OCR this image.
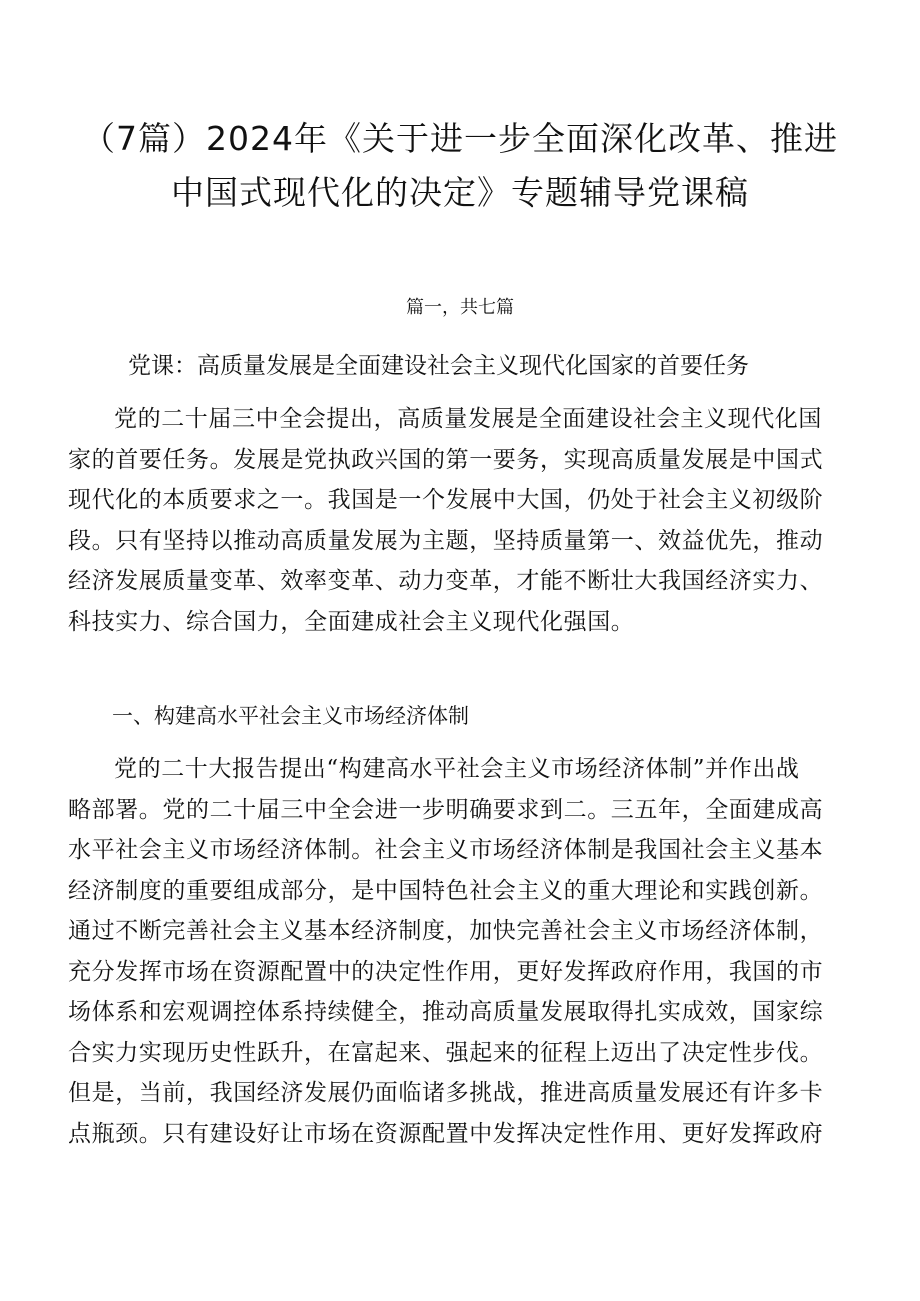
（7篇）2024年《关于进一步全面深化改革、推进
中国式现代化的决定》专题辅导党课稿
篇一，共七篇
党课：高质量发展是全面建设社会主义现代化国家的首要任务
党的二十届三中全会提出，高质量发展是全面建设社会主义现代化国
家的首要任务。发展是党执政兴国的第一要务，实现高质量发展是中国式
现代化的本质要求之一。我国是一个发展中大国，仍处于社会主义初级阶
段。只有坚持以推动高质量发展为主题，坚持质量第一、效益优先，推动
经济发展质量变革、效率变革、动力变革，才能不断壮大我国经济实力、
科技实力、综合国力，全面建成社会主义现代化强国。
一、构建高水平社会主义市场经济体制
党的二十大报告提出“构建高水平社会主义市场经济体制”并作出战
略部署。党的二十届三中全会进一步明确要求到二。三五年，全面建成高
水平社会主义市场经济体制。社会主义市场经济体制是我国社会主义基本
经济制度的重要组成部分，是中国特色社会主义的重大理论和实践创新。
通过不断完善社会主义基本经济制度，加快完善社会主义市场经济体制，
充分发挥市场在资源配置中的决定性作用，更好发挥政府作用，我国的市
场体系和宏观调控体系持续健全，推动高质量发展取得扎实成效，国家综
合实力实现历史性跃升，在富起来、强起来的征程上迈出了决定性步伐。
但是，当前，我国经济发展仍面临诸多挑战，推进高质量发展还有许多卡
点瓶颈。只有建设好让市场在资源配置中发挥决定性作用、更好发挥政府
